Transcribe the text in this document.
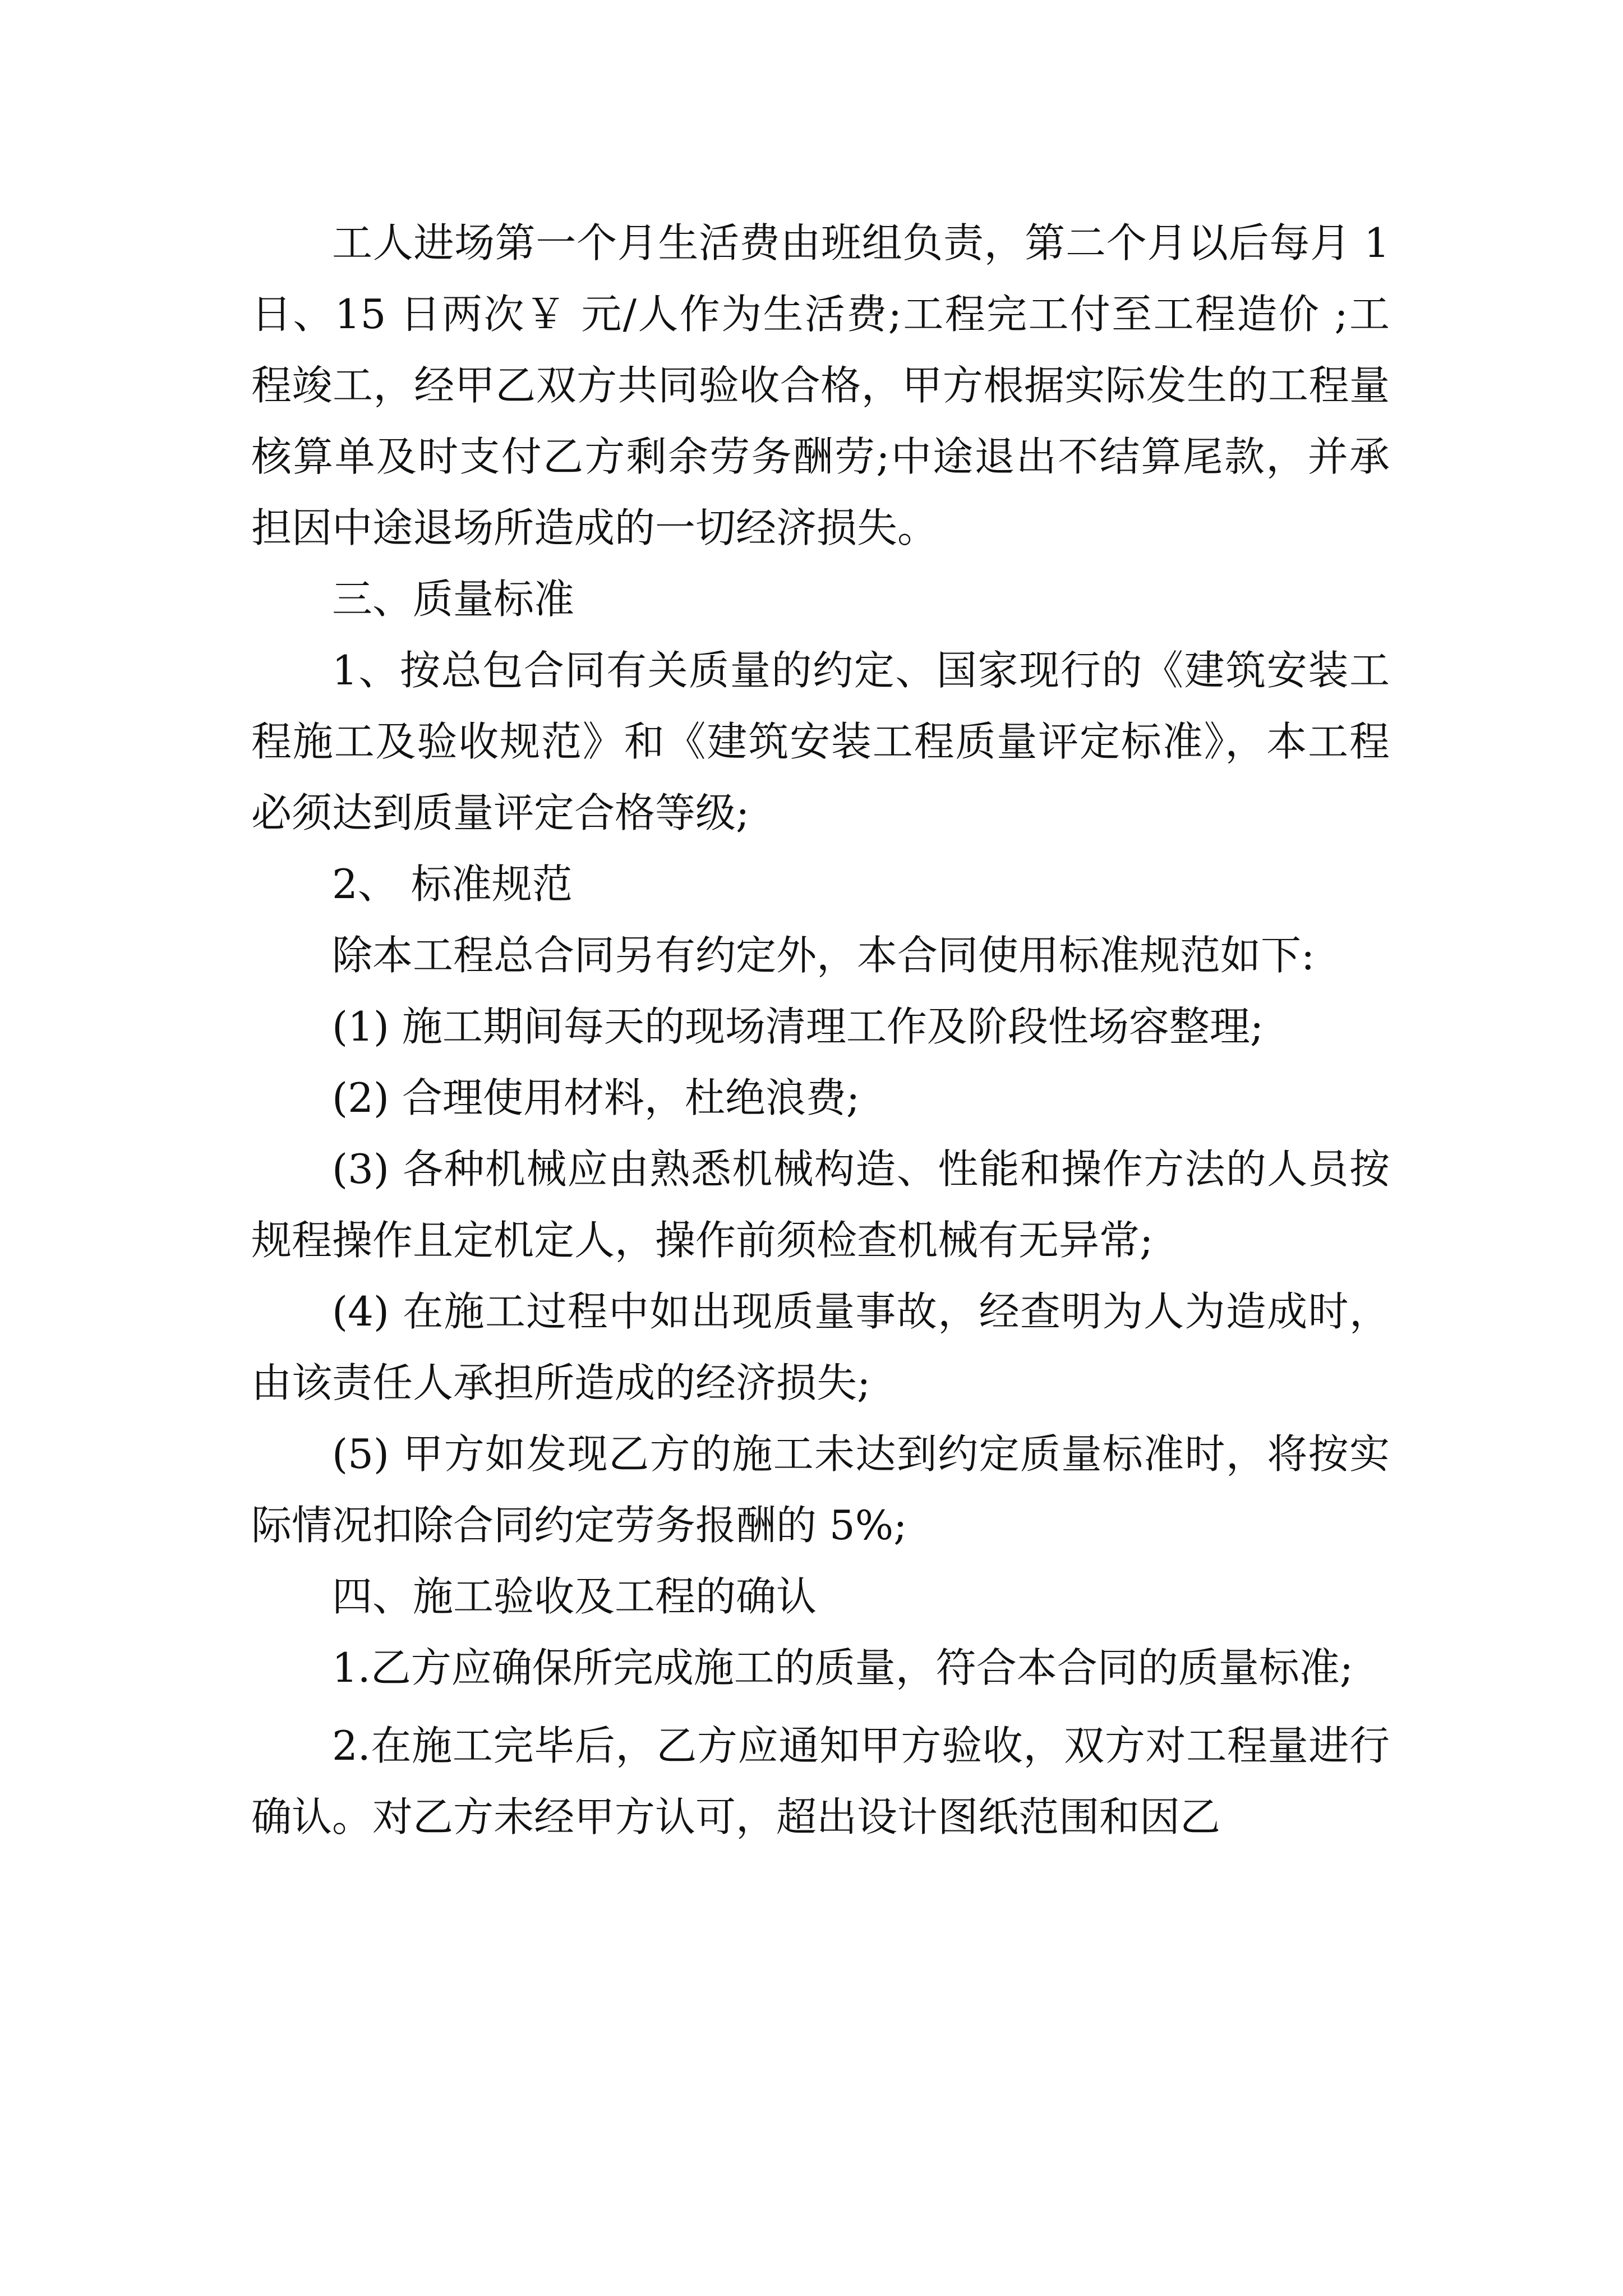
工人进场第一个月生活费由班组负责，第二个月以后每月 1 日、15 日两次￥ 元/人作为生活费;工程完工付至工程造价 ;工程竣工，经甲乙双方共同验收合格，甲方根据实际发生的工程量核算单及时支付乙方剩余劳务酬劳;中途退出不结算尾款，并承担因中途退场所造成的一切经济损失。

三、质量标准

1、按总包合同有关质量的约定、国家现行的《建筑安装工程施工及验收规范》和《建筑安装工程质量评定标准》，本工程必须达到质量评定合格等级;

2、 标准规范

除本工程总合同另有约定外，本合同使用标准规范如下:

(1) 施工期间每天的现场清理工作及阶段性场容整理;

(2) 合理使用材料，杜绝浪费;

(3) 各种机械应由熟悉机械构造、性能和操作方法的人员按规程操作且定机定人，操作前须检查机械有无异常;

(4) 在施工过程中如出现质量事故，经查明为人为造成时，由该责任人承担所造成的经济损失;

(5) 甲方如发现乙方的施工未达到约定质量标准时，将按实际情况扣除合同约定劳务报酬的 5%;

四、施工验收及工程的确认

1.乙方应确保所完成施工的质量，符合本合同的质量标准;

2.在施工完毕后，乙方应通知甲方验收，双方对工程量进行确认。对乙方未经甲方认可，超出设计图纸范围和因乙
